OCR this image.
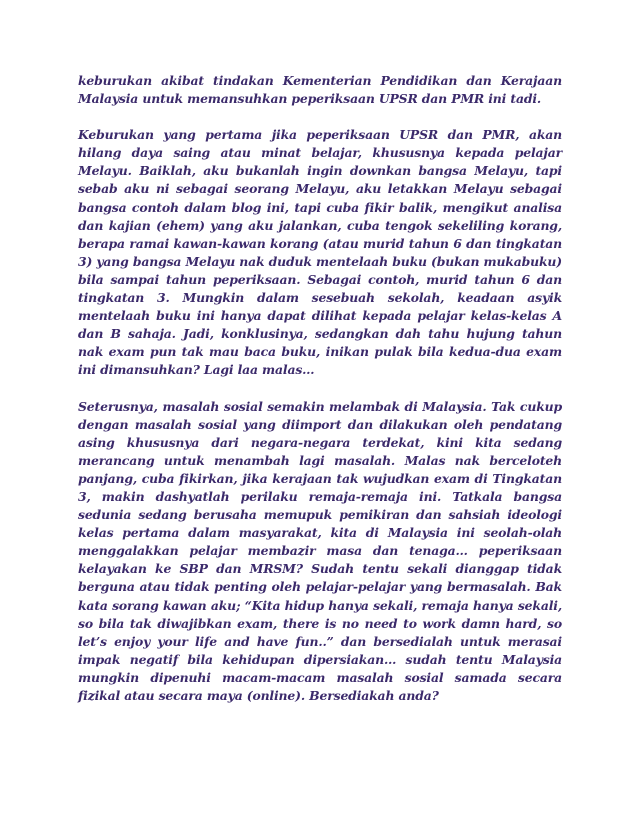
keburukan akibat tindakan Kementerian Pendidikan dan Kerajaan Malaysia untuk memansuhkan peperiksaan UPSR dan PMR ini tadi.

Keburukan yang pertama jika peperiksaan UPSR dan PMR, akan hilang daya saing atau minat belajar, khususnya kepada pelajar Melayu. Baiklah, aku bukanlah ingin downkan bangsa Melayu, tapi sebab aku ni sebagai seorang Melayu, aku letakkan Melayu sebagai bangsa contoh dalam blog ini, tapi cuba fikir balik, mengikut analisa dan kajian (ehem) yang aku jalankan, cuba tengok sekeliling korang, berapa ramai kawan-kawan korang (atau murid tahun 6 dan tingkatan 3) yang bangsa Melayu nak duduk mentelaah buku (bukan mukabuku) bila sampai tahun peperiksaan. Sebagai contoh, murid tahun 6 dan tingkatan 3. Mungkin dalam sesebuah sekolah, keadaan asyik mentelaah buku ini hanya dapat dilihat kepada pelajar kelas-kelas A dan B sahaja. Jadi, konklusinya, sedangkan dah tahu hujung tahun nak exam pun tak mau baca buku, inikan pulak bila kedua-dua exam ini dimansuhkan? Lagi laa malas…

Seterusnya, masalah sosial semakin melambak di Malaysia. Tak cukup dengan masalah sosial yang diimport dan dilakukan oleh pendatang asing khususnya dari negara-negara terdekat, kini kita sedang merancang untuk menambah lagi masalah. Malas nak berceloteh panjang, cuba fikirkan, jika kerajaan tak wujudkan exam di Tingkatan 3, makin dashyatlah perilaku remaja-remaja ini. Tatkala bangsa sedunia sedang berusaha memupuk pemikiran dan sahsiah ideologi kelas pertama dalam masyarakat, kita di Malaysia ini seolah-olah menggalakkan pelajar membazir masa dan tenaga… peperiksaan kelayakan ke SBP dan MRSM? Sudah tentu sekali dianggap tidak berguna atau tidak penting oleh pelajar-pelajar yang bermasalah. Bak kata sorang kawan aku; “Kita hidup hanya sekali, remaja hanya sekali, so bila tak diwajibkan exam, there is no need to work damn hard, so let’s enjoy your life and have fun..” dan bersedialah untuk merasai impak negatif bila kehidupan dipersiakan… sudah tentu Malaysia mungkin dipenuhi macam-macam masalah sosial samada secara fizikal atau secara maya (online). Bersediakah anda?
